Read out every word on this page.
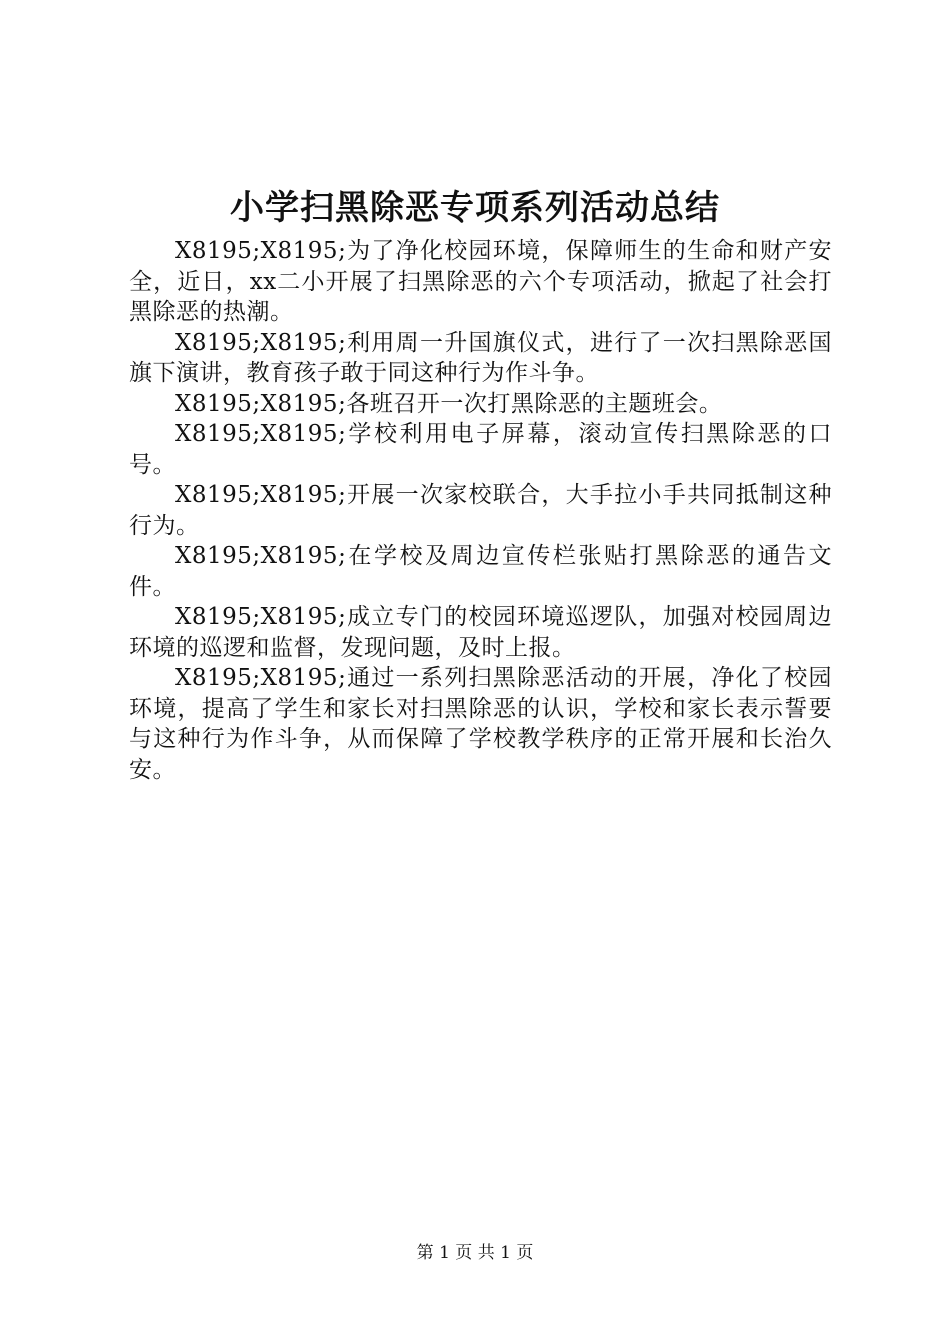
小学扫黑除恶专项系列活动总结

X8195;X8195;为了净化校园环境，保障师生的生命和财产安全，近日，xx二小开展了扫黑除恶的六个专项活动，掀起了社会打黑除恶的热潮。

X8195;X8195;利用周一升国旗仪式，进行了一次扫黑除恶国旗下演讲，教育孩子敢于同这种行为作斗争。

X8195;X8195;各班召开一次打黑除恶的主题班会。

X8195;X8195;学校利用电子屏幕，滚动宣传扫黑除恶的口号。

X8195;X8195;开展一次家校联合，大手拉小手共同抵制这种行为。

X8195;X8195;在学校及周边宣传栏张贴打黑除恶的通告文件。

X8195;X8195;成立专门的校园环境巡逻队，加强对校园周边环境的巡逻和监督，发现问题，及时上报。

X8195;X8195;通过一系列扫黑除恶活动的开展，净化了校园环境，提高了学生和家长对扫黑除恶的认识，学校和家长表示誓要与这种行为作斗争，从而保障了学校教学秩序的正常开展和长治久安。

第 1 页 共 1 页
